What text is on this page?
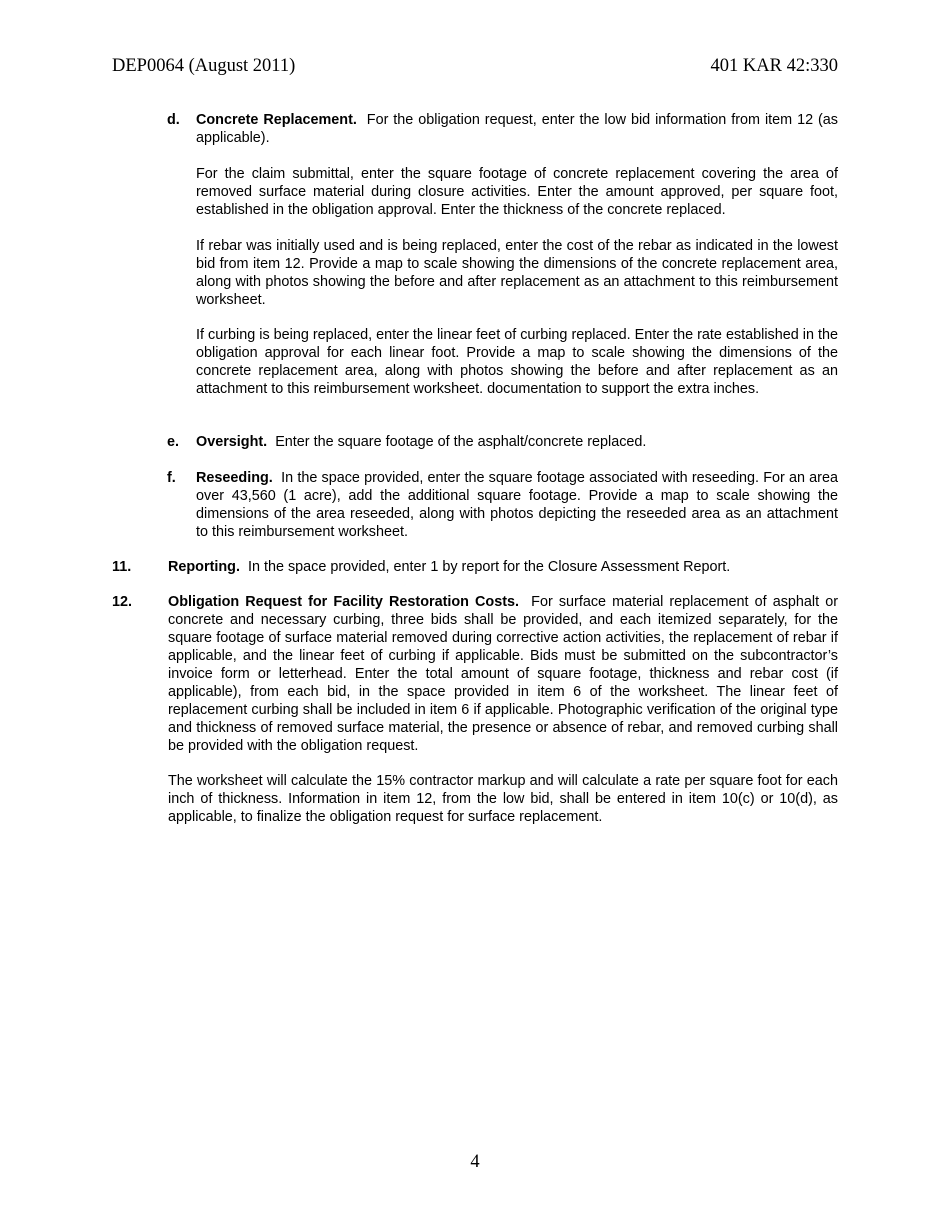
DEP0064 (August 2011)	401 KAR 42:330
d. Concrete Replacement. For the obligation request, enter the low bid information from item 12 (as applicable).
For the claim submittal, enter the square footage of concrete replacement covering the area of removed surface material during closure activities. Enter the amount approved, per square foot, established in the obligation approval. Enter the thickness of the concrete replaced.
If rebar was initially used and is being replaced, enter the cost of the rebar as indicated in the lowest bid from item 12. Provide a map to scale showing the dimensions of the concrete replacement area, along with photos showing the before and after replacement as an attachment to this reimbursement worksheet.
If curbing is being replaced, enter the linear feet of curbing replaced. Enter the rate established in the obligation approval for each linear foot. Provide a map to scale showing the dimensions of the concrete replacement area, along with photos showing the before and after replacement as an attachment to this reimbursement worksheet. documentation to support the extra inches.
e. Oversight. Enter the square footage of the asphalt/concrete replaced.
f. Reseeding. In the space provided, enter the square footage associated with reseeding. For an area over 43,560 (1 acre), add the additional square footage. Provide a map to scale showing the dimensions of the area reseeded, along with photos depicting the reseeded area as an attachment to this reimbursement worksheet.
11.	Reporting. In the space provided, enter 1 by report for the Closure Assessment Report.
12. Obligation Request for Facility Restoration Costs. For surface material replacement of asphalt or concrete and necessary curbing, three bids shall be provided, and each itemized separately, for the square footage of surface material removed during corrective action activities, the replacement of rebar if applicable, and the linear feet of curbing if applicable. Bids must be submitted on the subcontractor’s invoice form or letterhead. Enter the total amount of square footage, thickness and rebar cost (if applicable), from each bid, in the space provided in item 6 of the worksheet. The linear feet of replacement curbing shall be included in item 6 if applicable. Photographic verification of the original type and thickness of removed surface material, the presence or absence of rebar, and removed curbing shall be provided with the obligation request.
The worksheet will calculate the 15% contractor markup and will calculate a rate per square foot for each inch of thickness. Information in item 12, from the low bid, shall be entered in item 10(c) or 10(d), as applicable, to finalize the obligation request for surface replacement.
4
